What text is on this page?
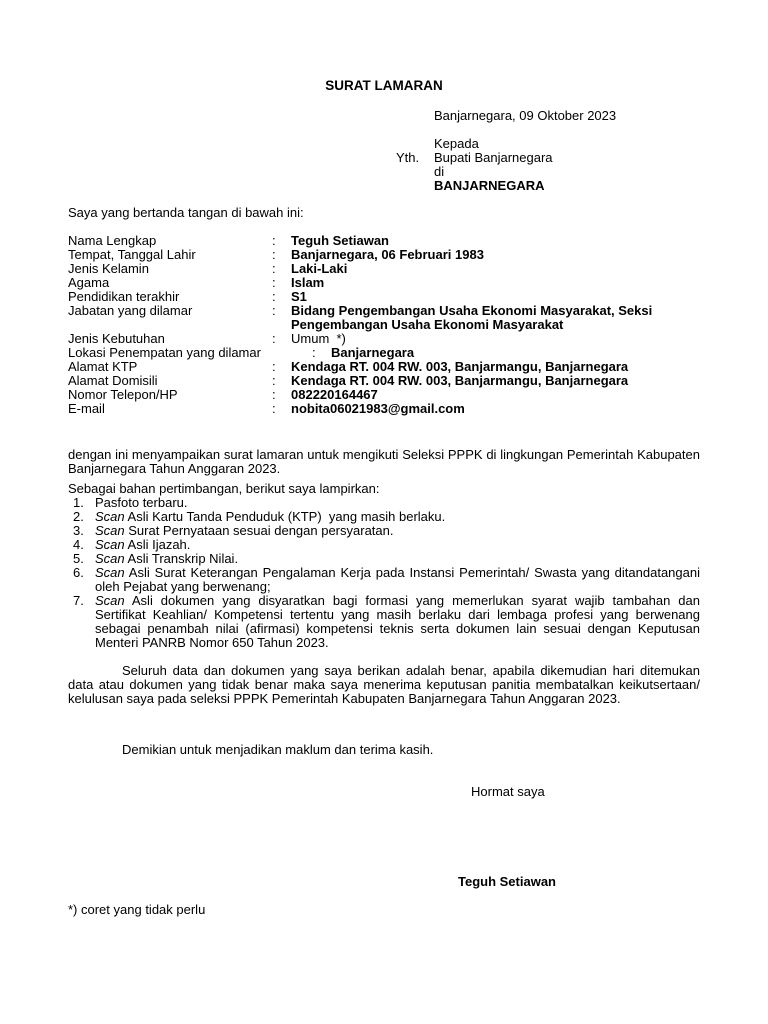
SURAT LAMARAN
Banjarnegara, 09 Oktober 2023
Kepada
Yth.	Bupati Banjarnegara
di
BANJARNEGARA
Saya yang bertanda tangan di bawah ini:
Nama Lengkap	:	Teguh Setiawan
Tempat, Tanggal Lahir	:	Banjarnegara, 06 Februari 1983
Jenis Kelamin	:	Laki-Laki
Agama	:	Islam
Pendidikan terakhir	:	S1
Jabatan yang dilamar	:	Bidang Pengembangan Usaha Ekonomi Masyarakat, Seksi Pengembangan Usaha Ekonomi Masyarakat
Jenis Kebutuhan	:	Umum  *)
Lokasi Penempatan yang dilamar	:	Banjarnegara
Alamat KTP	:	Kendaga RT. 004 RW. 003, Banjarmangu, Banjarnegara
Alamat Domisili	:	Kendaga RT. 004 RW. 003, Banjarmangu, Banjarnegara
Nomor Telepon/HP	:	082220164467
E-mail	:	nobita06021983@gmail.com
dengan ini menyampaikan surat lamaran untuk mengikuti Seleksi PPPK di lingkungan Pemerintah Kabupaten Banjarnegara Tahun Anggaran 2023.
Sebagai bahan pertimbangan, berikut saya lampirkan:
1. Pasfoto terbaru.
2. Scan Asli Kartu Tanda Penduduk (KTP)  yang masih berlaku.
3. Scan Surat Pernyataan sesuai dengan persyaratan.
4. Scan Asli Ijazah.
5. Scan Asli Transkrip Nilai.
6. Scan Asli Surat Keterangan Pengalaman Kerja pada Instansi Pemerintah/ Swasta yang ditandatangani oleh Pejabat yang berwenang;
7. Scan Asli dokumen yang disyaratkan bagi formasi yang memerlukan syarat wajib tambahan dan Sertifikat Keahlian/ Kompetensi tertentu yang masih berlaku dari lembaga profesi yang berwenang sebagai penambah nilai (afirmasi) kompetensi teknis serta dokumen lain sesuai dengan Keputusan Menteri PANRB Nomor 650 Tahun 2023.
Seluruh data dan dokumen yang saya berikan adalah benar, apabila dikemudian hari ditemukan data atau dokumen yang tidak benar maka saya menerima keputusan panitia membatalkan keikutsertaan/ kelulusan saya pada seleksi PPPK Pemerintah Kabupaten Banjarnegara Tahun Anggaran 2023.
Demikian untuk menjadikan maklum dan terima kasih.
Hormat saya
Teguh Setiawan
*) coret yang tidak perlu
